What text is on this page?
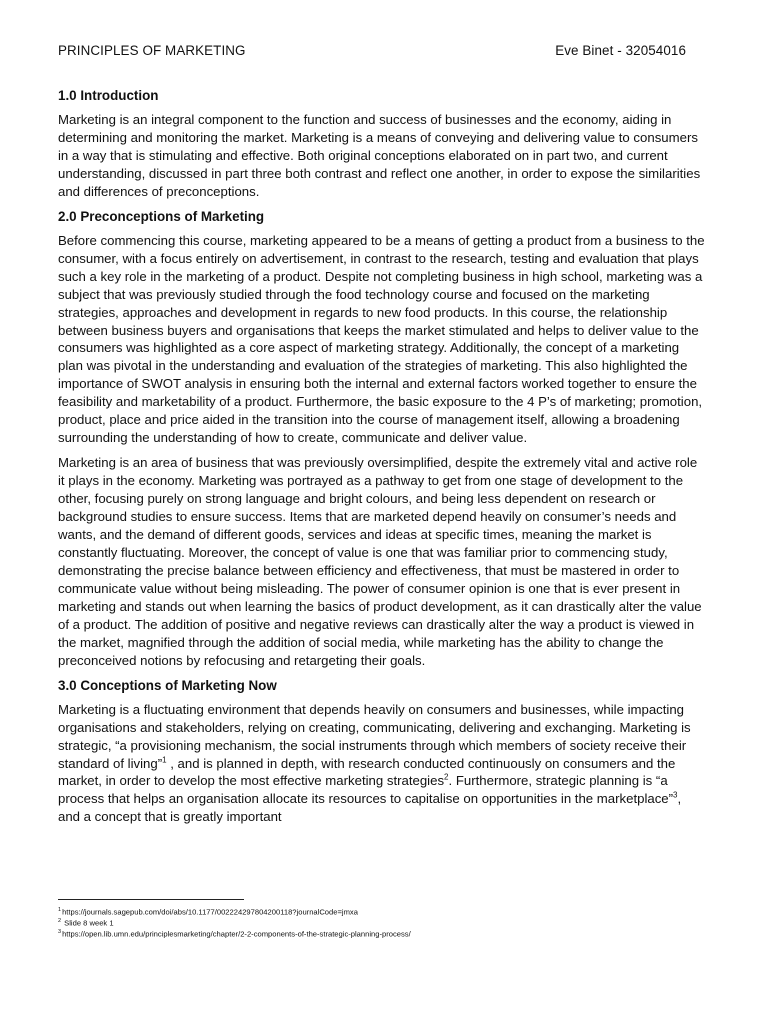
PRINCIPLES OF MARKETING	Eve Binet - 32054016
1.0 Introduction

Marketing is an integral component to the function and success of businesses and the economy, aiding in determining and monitoring the market. Marketing is a means of conveying and delivering value to consumers in a way that is stimulating and effective. Both original conceptions elaborated on in part two, and current understanding, discussed in part three both contrast and reflect one another, in order to expose the similarities and differences of preconceptions.

2.0 Preconceptions of Marketing

Before commencing this course, marketing appeared to be a means of getting a product from a business to the consumer, with a focus entirely on advertisement, in contrast to the research, testing and evaluation that plays such a key role in the marketing of a product. Despite not completing business in high school, marketing was a subject that was previously studied through the food technology course and focused on the marketing strategies, approaches and development in regards to new food products. In this course, the relationship between business buyers and organisations that keeps the market stimulated and helps to deliver value to the consumers was highlighted as a core aspect of marketing strategy. Additionally, the concept of a marketing plan was pivotal in the understanding and evaluation of the strategies of marketing. This also highlighted the importance of SWOT analysis in ensuring both the internal and external factors worked together to ensure the feasibility and marketability of a product. Furthermore, the basic exposure to the 4 P’s of marketing; promotion, product, place and price aided in the transition into the course of management itself, allowing a broadening surrounding the understanding of how to create, communicate and deliver value.

Marketing is an area of business that was previously oversimplified, despite the extremely vital and active role it plays in the economy. Marketing was portrayed as a pathway to get from one stage of development to the other, focusing purely on strong language and bright colours, and being less dependent on research or background studies to ensure success. Items that are marketed depend heavily on consumer’s needs and wants, and the demand of different goods, services and ideas at specific times, meaning the market is constantly fluctuating. Moreover, the concept of value is one that was familiar prior to commencing study, demonstrating the precise balance between efficiency and effectiveness, that must be mastered in order to communicate value without being misleading. The power of consumer opinion is one that is ever present in marketing and stands out when learning the basics of product development, as it can drastically alter the value of a product. The addition of positive and negative reviews can drastically alter the way a product is viewed in the market, magnified through the addition of social media, while marketing has the ability to change the preconceived notions by refocusing and retargeting their goals.

3.0 Conceptions of Marketing Now

Marketing is a fluctuating environment that depends heavily on consumers and businesses, while impacting organisations and stakeholders, relying on creating, communicating, delivering and exchanging. Marketing is strategic, “a provisioning mechanism, the social instruments through which members of society receive their standard of living”$^1$ , and is planned in depth, with research conducted continuously on consumers and the market, in order to develop the most effective marketing strategies$^2$. Furthermore, strategic planning is “a process that helps an organisation allocate its resources to capitalise on opportunities in the marketplace”$^3$, and a concept that is greatly important

$^1$https://journals.sagepub.com/doi/abs/10.1177/002224297804200118?journalCode=jmxa
$^2$ Slide 8 week 1
$^3$https://open.lib.umn.edu/principlesmarketing/chapter/2-2-components-of-the-strategic-planning-process/
